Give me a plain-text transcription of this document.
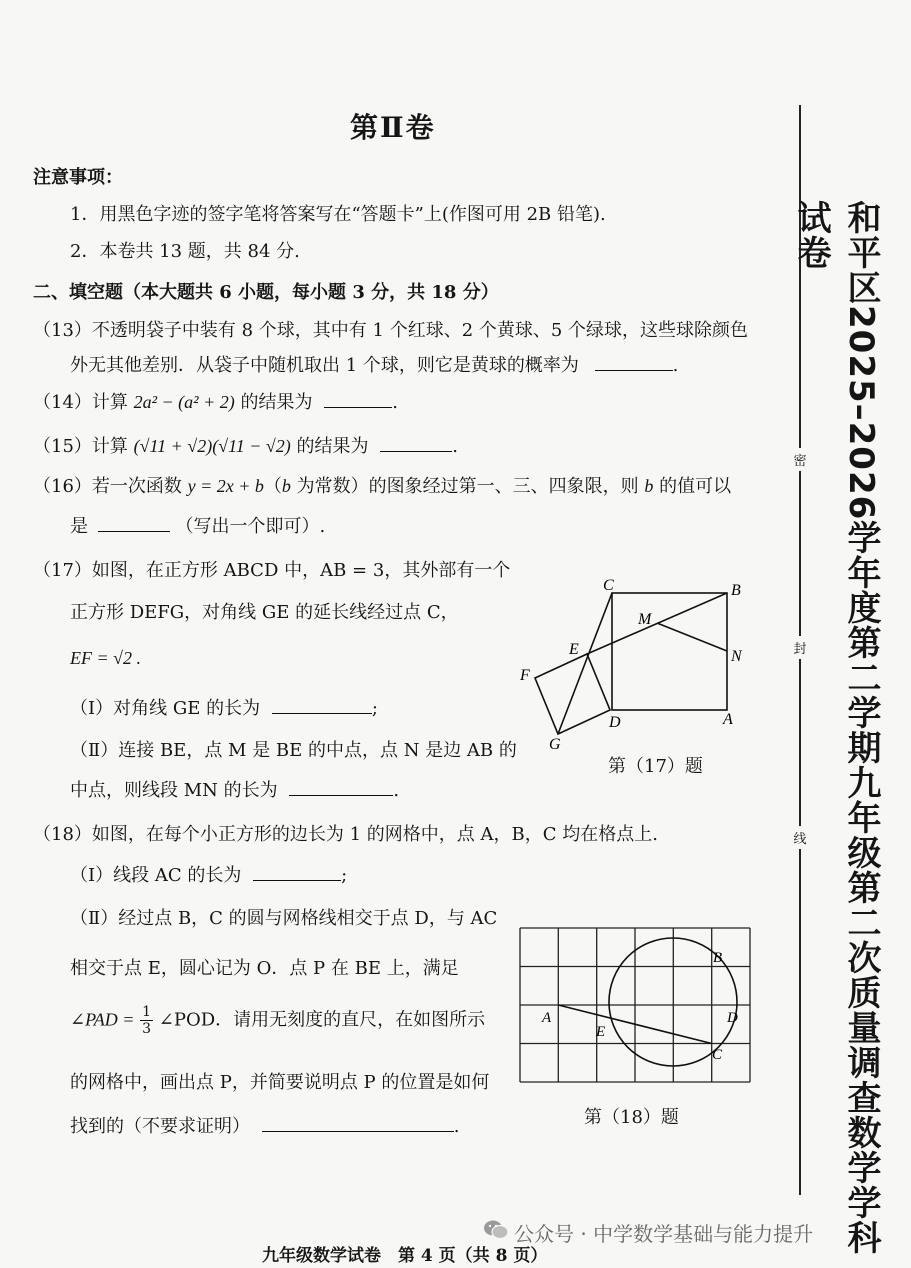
第Ⅱ卷
注意事项：
1．用黑色字迹的签字笔将答案写在“答题卡”上(作图可用 2B 铅笔).
2．本卷共 13 题，共 84 分.
二、填空题（本大题共 6 小题，每小题 3 分，共 18 分）
（13）不透明袋子中装有 8 个球，其中有 1 个红球、2 个黄球、5 个绿球，这些球除颜色
外无其他差别．从袋子中随机取出 1 个球，则它是黄球的概率为	.
（14）计算 2a² − (a² + 2) 的结果为	.
（15）计算 (√11 + √2)(√11 − √2) 的结果为	.
（16）若一次函数 y = 2x + b（b 为常数）的图象经过第一、三、四象限，则 b 的值可以
是	（写出一个即可）.
（17）如图，在正方形 ABCD 中，AB = 3，其外部有一个
正方形 DEFG，对角线 GE 的延长线经过点 C，
EF = √2 .
（Ⅰ）对角线 GE 的长为	;
（Ⅱ）连接 BE，点 M 是 BE 的中点，点 N 是边 AB 的
中点，则线段 MN 的长为	.
C	B
M
E	N
F
D	A
G
第（17）题
（18）如图，在每个小正方形的边长为 1 的网格中，点 A，B，C 均在格点上.
（Ⅰ）线段 AC 的长为	;
（Ⅱ）经过点 B，C 的圆与网格线相交于点 D，与 AC
相交于点 E，圆心记为 O．点 P 在 BE 上，满足
∠PAD = $\frac{1}{3}$ ∠POD．请用无刻度的直尺，在如图所示
的网格中，画出点 P，并简要说明点 P 的位置是如何
找到的（不要求证明）	.
B
A
E
D
C
第（18）题
密
封
线 和平区2025–2026学年度第二学期九年级第二次质量调查数学学科试卷
公众号 · 中学数学基础与能力提升
九年级数学试卷　第 4 页（共 8 页）
